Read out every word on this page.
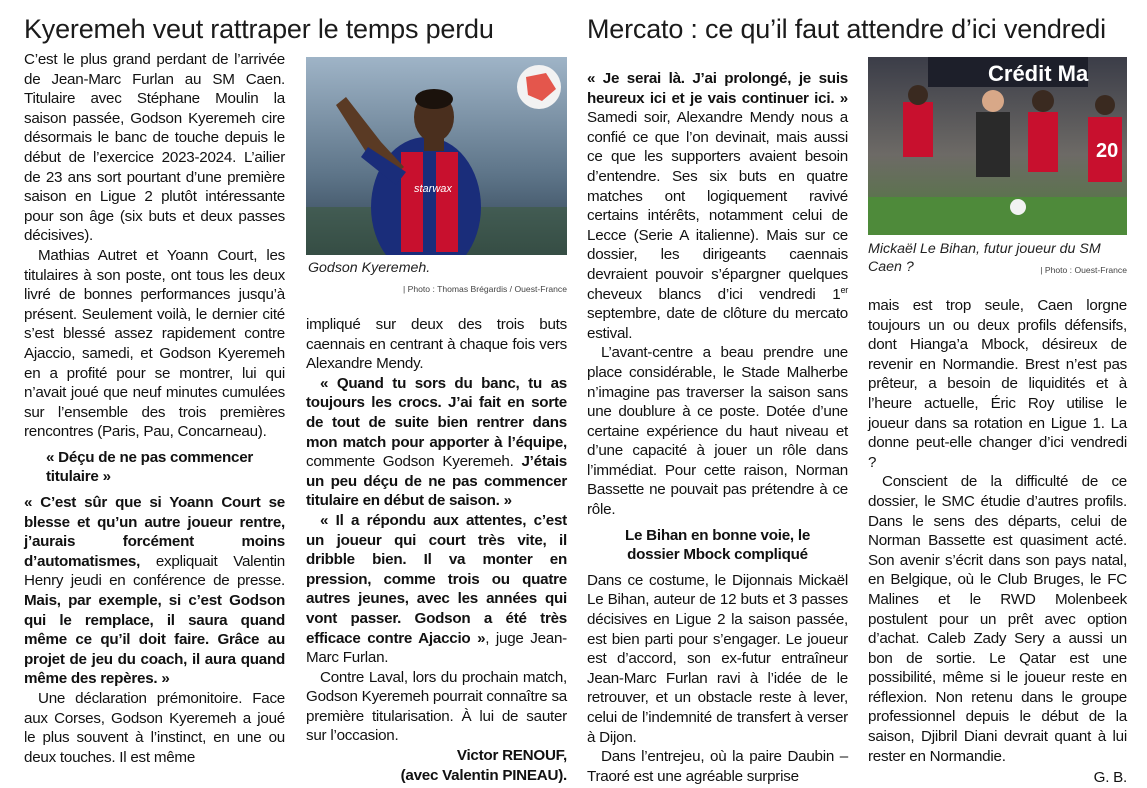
Kyeremeh veut rattraper le temps perdu

C’est le plus grand perdant de l’arrivée de Jean-Marc Furlan au SM Caen. Titulaire avec Stéphane Moulin la saison passée, Godson Kyeremeh cire désormais le banc de touche depuis le début de l’exercice 2023-2024. L’ailier de 23 ans sort pourtant d’une première saison en Ligue 2 plutôt intéressante pour son âge (six buts et deux passes décisives).

Mathias Autret et Yoann Court, les titulaires à son poste, ont tous les deux livré de bonnes performances jusqu’à présent. Seulement voilà, le dernier cité s’est blessé assez rapidement contre Ajaccio, samedi, et Godson Kyeremeh en a profité pour se montrer, lui qui n’avait joué que neuf minutes cumulées sur l’ensemble des trois premières rencontres (Paris, Pau, Concarneau).

« Déçu de ne pas commencer titulaire »

« C’est sûr que si Yoann Court se blesse et qu’un autre joueur rentre, j’aurais forcément moins d’automatismes, expliquait Valentin Henry jeudi en conférence de presse. Mais, par exemple, si c’est Godson qui le remplace, il saura quand même ce qu’il doit faire. Grâce au projet de jeu du coach, il aura quand même des repères. »

Une déclaration prémonitoire. Face aux Corses, Godson Kyeremeh a joué le plus souvent à l’instinct, en une ou deux touches. Il est même

starwax
Godson Kyeremeh.
| Photo : Thomas Brégardis / Ouest-France

impliqué sur deux des trois buts caennais en centrant à chaque fois vers Alexandre Mendy.

« Quand tu sors du banc, tu as toujours les crocs. J’ai fait en sorte de tout de suite bien rentrer dans mon match pour apporter à l’équipe, commente Godson Kyeremeh. J’étais un peu déçu de ne pas commencer titulaire en début de saison. »

« Il a répondu aux attentes, c’est un joueur qui court très vite, il dribble bien. Il va monter en pression, comme trois ou quatre autres jeunes, avec les années qui vont passer. Godson a été très efficace contre Ajaccio », juge Jean-Marc Furlan.

Contre Laval, lors du prochain match, Godson Kyeremeh pourrait connaître sa première titularisation. À lui de sauter sur l’occasion.

Victor RENOUF,

(avec Valentin PINEAU).

Mercato : ce qu’il faut attendre d’ici vendredi

« Je serai là. J’ai prolongé, je suis heureux ici et je vais continuer ici. » Samedi soir, Alexandre Mendy nous a confié ce que l’on devinait, mais aussi ce que les supporters avaient besoin d’entendre. Ses six buts en quatre matches ont logiquement ravivé certains intérêts, notamment celui de Lecce (Serie A italienne). Mais sur ce dossier, les dirigeants caennais devraient pouvoir s’épargner quelques cheveux blancs d’ici vendredi 1er septembre, date de clôture du mercato estival.

L’avant-centre a beau prendre une place considérable, le Stade Malherbe n’imagine pas traverser la saison sans une doublure à ce poste. Dotée d’une certaine expérience du haut niveau et d’une capacité à jouer un rôle dans l’immédiat. Pour cette raison, Norman Bassette ne pouvait pas prétendre à ce rôle.

Le Bihan en bonne voie, le dossier Mbock compliqué

Dans ce costume, le Dijonnais Mickaël Le Bihan, auteur de 12 buts et 3 passes décisives en Ligue 2 la saison passée, est bien parti pour s’engager. Le joueur est d’accord, son ex-futur entraîneur Jean-Marc Furlan ravi à l’idée de le retrouver, et un obstacle reste à lever, celui de l’indemnité de transfert à verser à Dijon.

Dans l’entrejeu, où la paire Daubin – Traoré est une agréable surprise

Crédit Ma
20
Mickaël Le Bihan, futur joueur du SM Caen ?	| Photo : Ouest-France

mais est trop seule, Caen lorgne toujours un ou deux profils défensifs, dont Hianga’a Mbock, désireux de revenir en Normandie. Brest n’est pas prêteur, a besoin de liquidités et à l’heure actuelle, Éric Roy utilise le joueur dans sa rotation en Ligue 1. La donne peut-elle changer d’ici vendredi ?

Conscient de la difficulté de ce dossier, le SMC étudie d’autres profils. Dans le sens des départs, celui de Norman Bassette est quasiment acté. Son avenir s’écrit dans son pays natal, en Belgique, où le Club Bruges, le FC Malines et le RWD Molenbeek postulent pour un prêt avec option d’achat. Caleb Zady Sery a aussi un bon de sortie. Le Qatar est une possibilité, même si le joueur reste en réflexion. Non retenu dans le groupe professionnel depuis le début de la saison, Djibril Diani devrait quant à lui rester en Normandie.

G. B.
